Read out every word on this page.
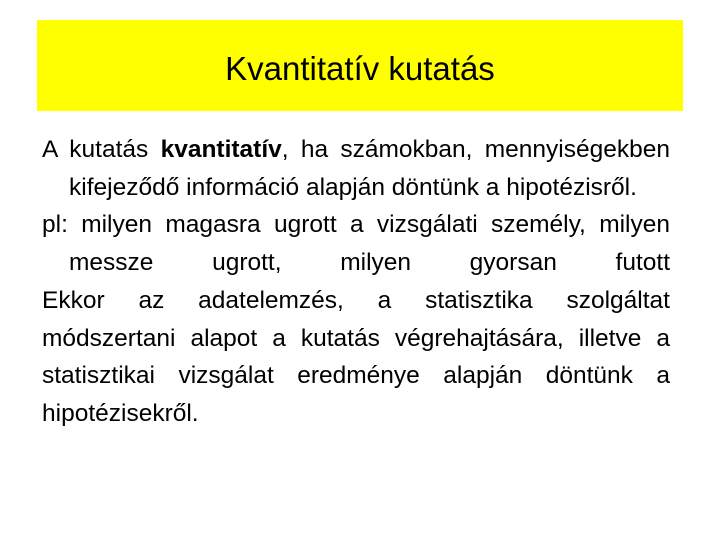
Kvantitatív kutatás

A kutatás kvantitatív, ha számokban, mennyiségekben kifejeződő információ alapján döntünk a hipotézisről.

pl: milyen magasra ugrott a vizsgálati személy, milyen messze ugrott, milyen gyorsan futott

Ekkor az adatelemzés, a statisztika szolgáltat módszertani alapot a kutatás végrehajtására, illetve a statisztikai vizsgálat eredménye alapján döntünk a hipotézisekről.
